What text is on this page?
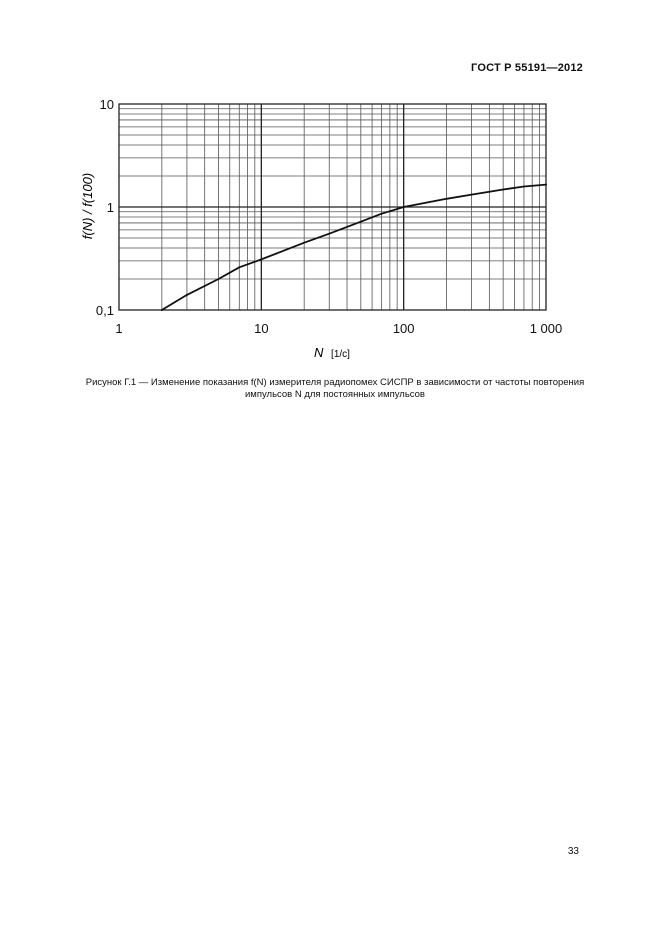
ГОСТ Р 55191—2012
1	10	100	1 000
0,1
1
10
f(N) / f(100)
N [1/с]
Рисунок Г.1 — Изменение показания f(N) измерителя радиопомех СИСПР в зависимости от частоты повторения
импульсов N для постоянных импульсов
33
